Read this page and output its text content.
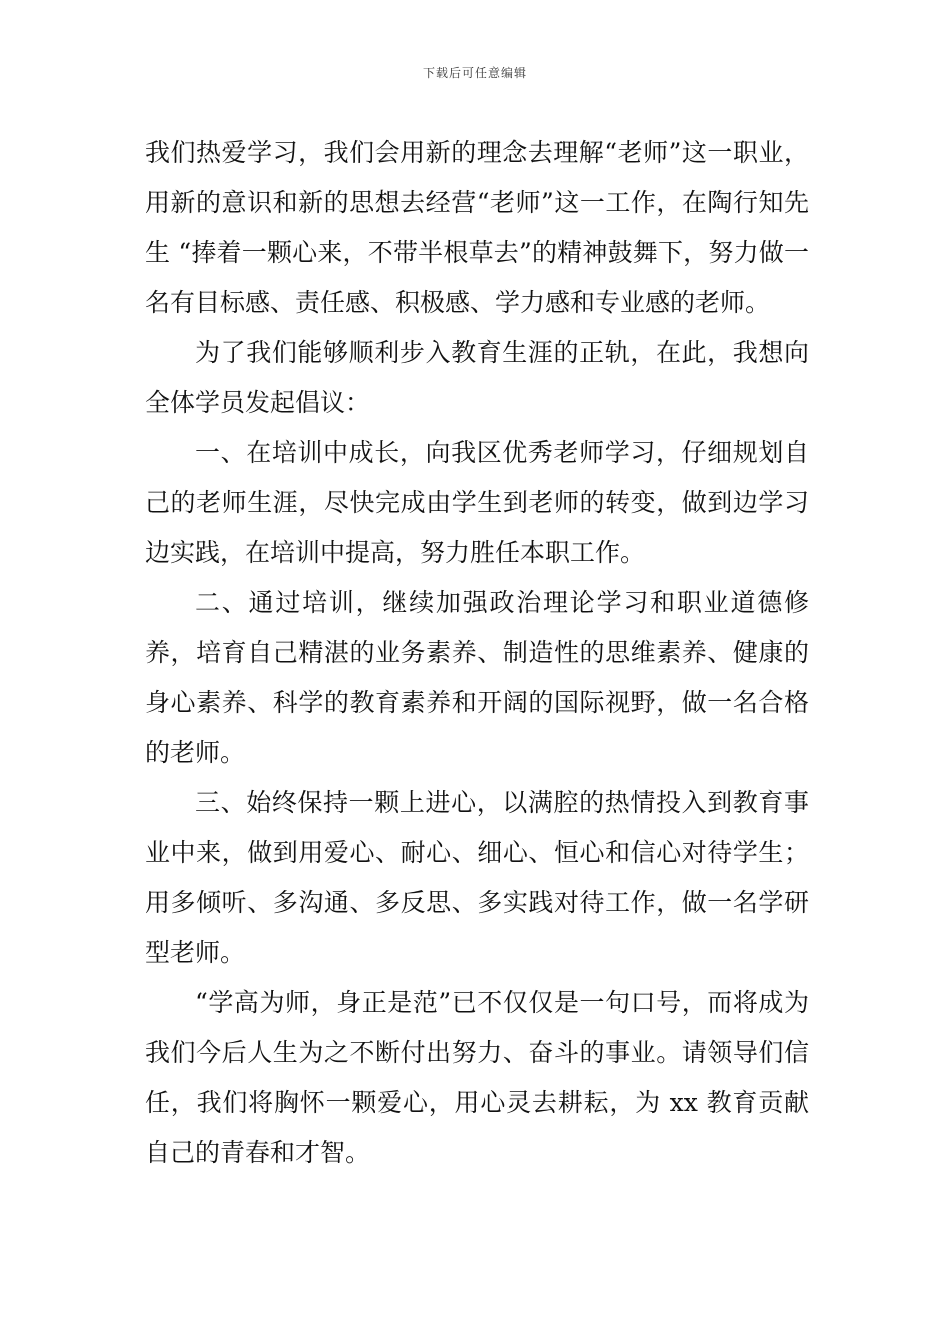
下载后可任意编辑

我们热爱学习，我们会用新的理念去理解“老师”这一职业，用新的意识和新的思想去经营“老师”这一工作，在陶行知先生 “捧着一颗心来，不带半根草去”的精神鼓舞下，努力做一名有目标感、责任感、积极感、学力感和专业感的老师。

为了我们能够顺利步入教育生涯的正轨，在此，我想向全体学员发起倡议：

一、在培训中成长，向我区优秀老师学习，仔细规划自己的老师生涯，尽快完成由学生到老师的转变，做到边学习边实践，在培训中提高，努力胜任本职工作。

二、通过培训，继续加强政治理论学习和职业道德修养，培育自己精湛的业务素养、制造性的思维素养、健康的身心素养、科学的教育素养和开阔的国际视野，做一名合格的老师。

三、始终保持一颗上进心，以满腔的热情投入到教育事业中来，做到用爱心、耐心、细心、恒心和信心对待学生；用多倾听、多沟通、多反思、多实践对待工作，做一名学研型老师。

“学高为师，身正是范”已不仅仅是一句口号，而将成为我们今后人生为之不断付出努力、奋斗的事业。请领导们信任，我们将胸怀一颗爱心，用心灵去耕耘，为 xx 教育贡献自己的青春和才智。
